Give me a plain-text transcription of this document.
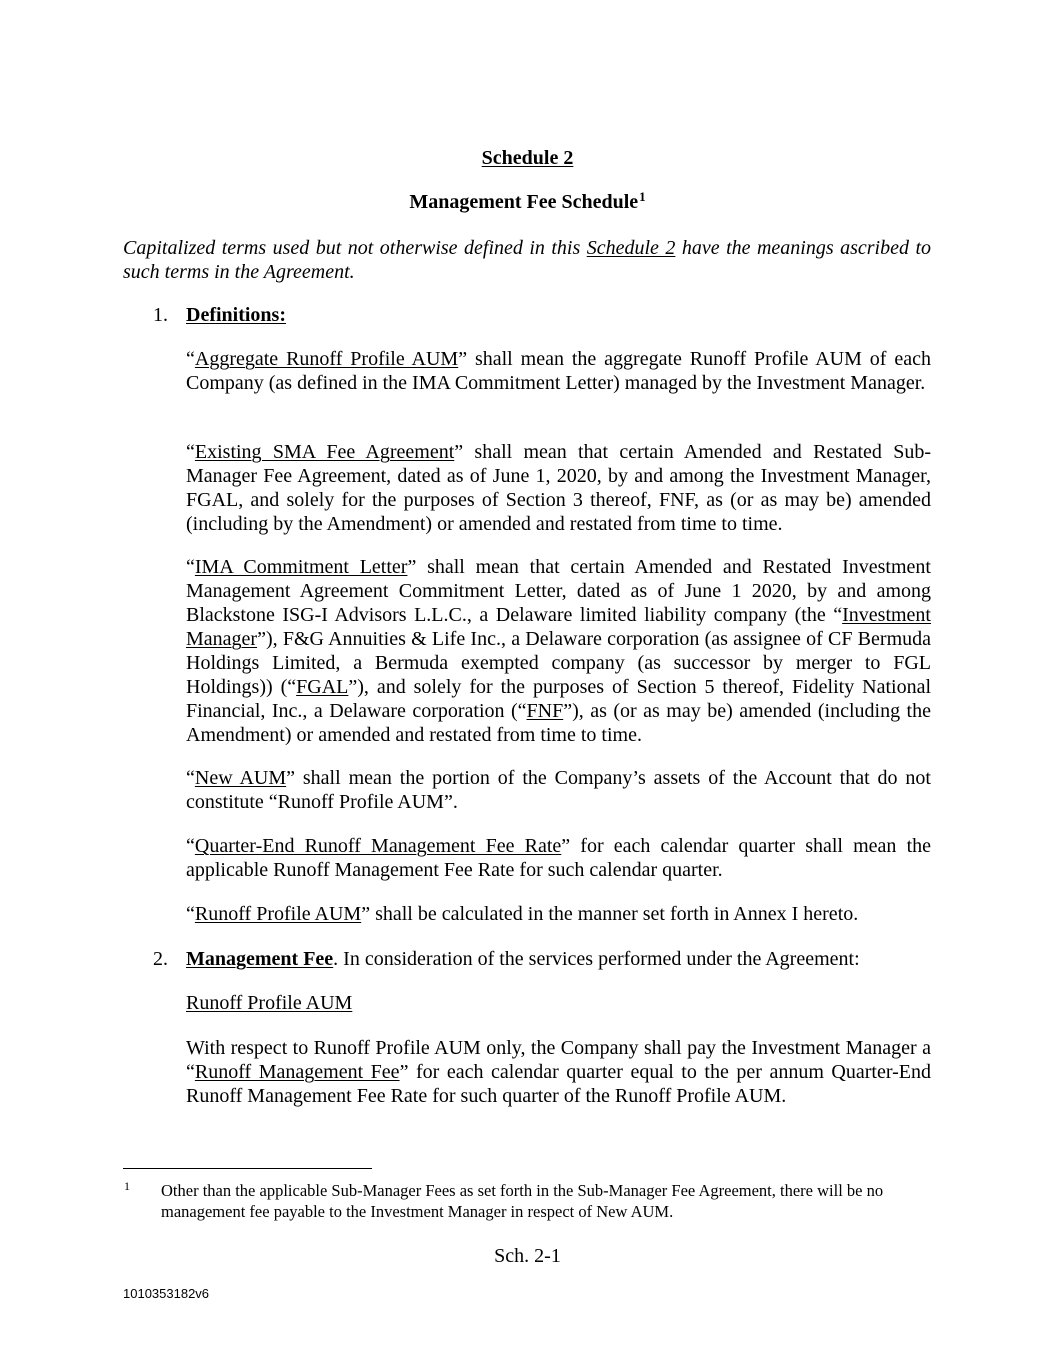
Schedule 2
Management Fee Schedule$^1$
Capitalized terms used but not otherwise defined in this Schedule 2 have the meanings ascribed to such terms in the Agreement.
1. Definitions:
“Aggregate Runoff Profile AUM” shall mean the aggregate Runoff Profile AUM of each Company (as defined in the IMA Commitment Letter) managed by the Investment Manager.
“Existing SMA Fee Agreement” shall mean that certain Amended and Restated Sub-Manager Fee Agreement, dated as of June 1, 2020, by and among the Investment Manager, FGAL, and solely for the purposes of Section 3 thereof, FNF, as (or as may be) amended (including by the Amendment) or amended and restated from time to time.
“IMA Commitment Letter” shall mean that certain Amended and Restated Investment Management Agreement Commitment Letter, dated as of June 1 2020, by and among Blackstone ISG-I Advisors L.L.C., a Delaware limited liability company (the “Investment Manager”), F&G Annuities & Life Inc., a Delaware corporation (as assignee of CF Bermuda Holdings Limited, a Bermuda exempted company (as successor by merger to FGL Holdings)) (“FGAL”), and solely for the purposes of Section 5 thereof, Fidelity National Financial, Inc., a Delaware corporation (“FNF”), as (or as may be) amended (including the Amendment) or amended and restated from time to time.
“New AUM” shall mean the portion of the Company’s assets of the Account that do not constitute “Runoff Profile AUM”.
“Quarter-End Runoff Management Fee Rate” for each calendar quarter shall mean the applicable Runoff Management Fee Rate for such calendar quarter.
“Runoff Profile AUM” shall be calculated in the manner set forth in Annex I hereto.
2. Management Fee. In consideration of the services performed under the Agreement:
Runoff Profile AUM
With respect to Runoff Profile AUM only, the Company shall pay the Investment Manager a “Runoff Management Fee” for each calendar quarter equal to the per annum Quarter-End Runoff Management Fee Rate for such quarter of the Runoff Profile AUM.
1 Other than the applicable Sub-Manager Fees as set forth in the Sub-Manager Fee Agreement, there will be no management fee payable to the Investment Manager in respect of New AUM.
Sch. 2-1
1010353182v6
